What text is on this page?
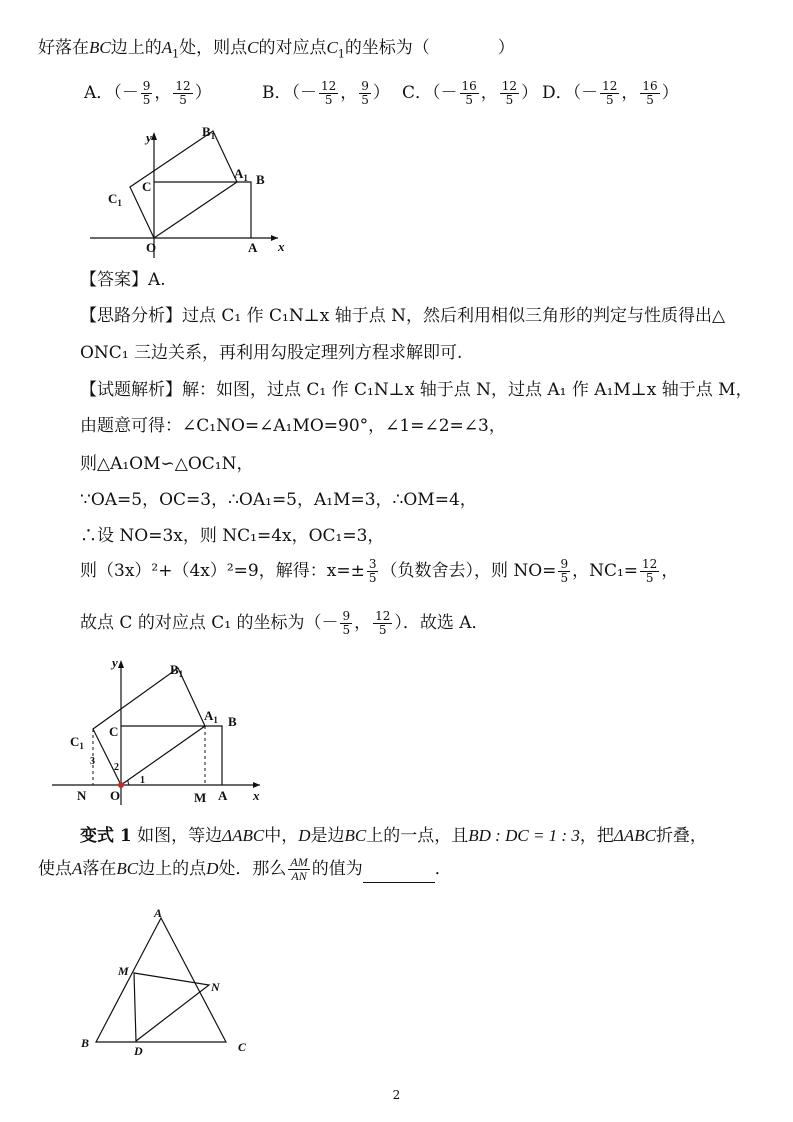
好落在BC边上的$A_1$处，则点C的对应点$C_1$的坐标为（　　　　）
A．（－ $\frac{9}{5}$ ， $\frac{12}{5}$ ）	B．（－ $\frac{12}{5}$ ， $\frac{9}{5}$ ） C．（－ $\frac{16}{5}$ ， $\frac{12}{5}$ ） D．（－ $\frac{12}{5}$ ， $\frac{16}{5}$ ）
y	$B_1$
C
$A_1$ B
$C_1$
O	A x
【答案】A.
【思路分析】过点 C₁ 作 C₁N⊥x 轴于点 N，然后利用相似三角形的判定与性质得出△
ONC₁ 三边关系，再利用勾股定理列方程求解即可.
【试题解析】解：如图，过点 C₁ 作 C₁N⊥x 轴于点 N，过点 A₁ 作 A₁M⊥x 轴于点 M，
由题意可得：∠C₁NO=∠A₁MO=90°，∠1=∠2=∠3，
则△A₁OM∽△OC₁N，
∵OA=5，OC=3，∴OA₁=5，A₁M=3，∴OM=4，
∴设 NO=3x，则 NC₁=4x，OC₁=3，
则（3x）²+（4x）²=9，解得：$x=\pm \frac{3}{5}$ （负数舍去），则 $NO= \frac{9}{5}$ ，$NC_1= \frac{12}{5}$ ，
故点 C 的对应点 C₁ 的坐标为（－ $\frac{9}{5}$ ， $\frac{12}{5}$ ）．故选 A．
y	$B_1$
C
$A_1$ B
$C_1$
3
2
1
N O	M A x
变式 1 如图，等边ΔABC中，D是边BC上的一点，且BD : DC = 1 : 3，把ΔABC折叠，
使点A落在BC边上的点D处．那么 $\frac{AM}{AN}$ 的值为	．
A
M
N
B
D	C
2
